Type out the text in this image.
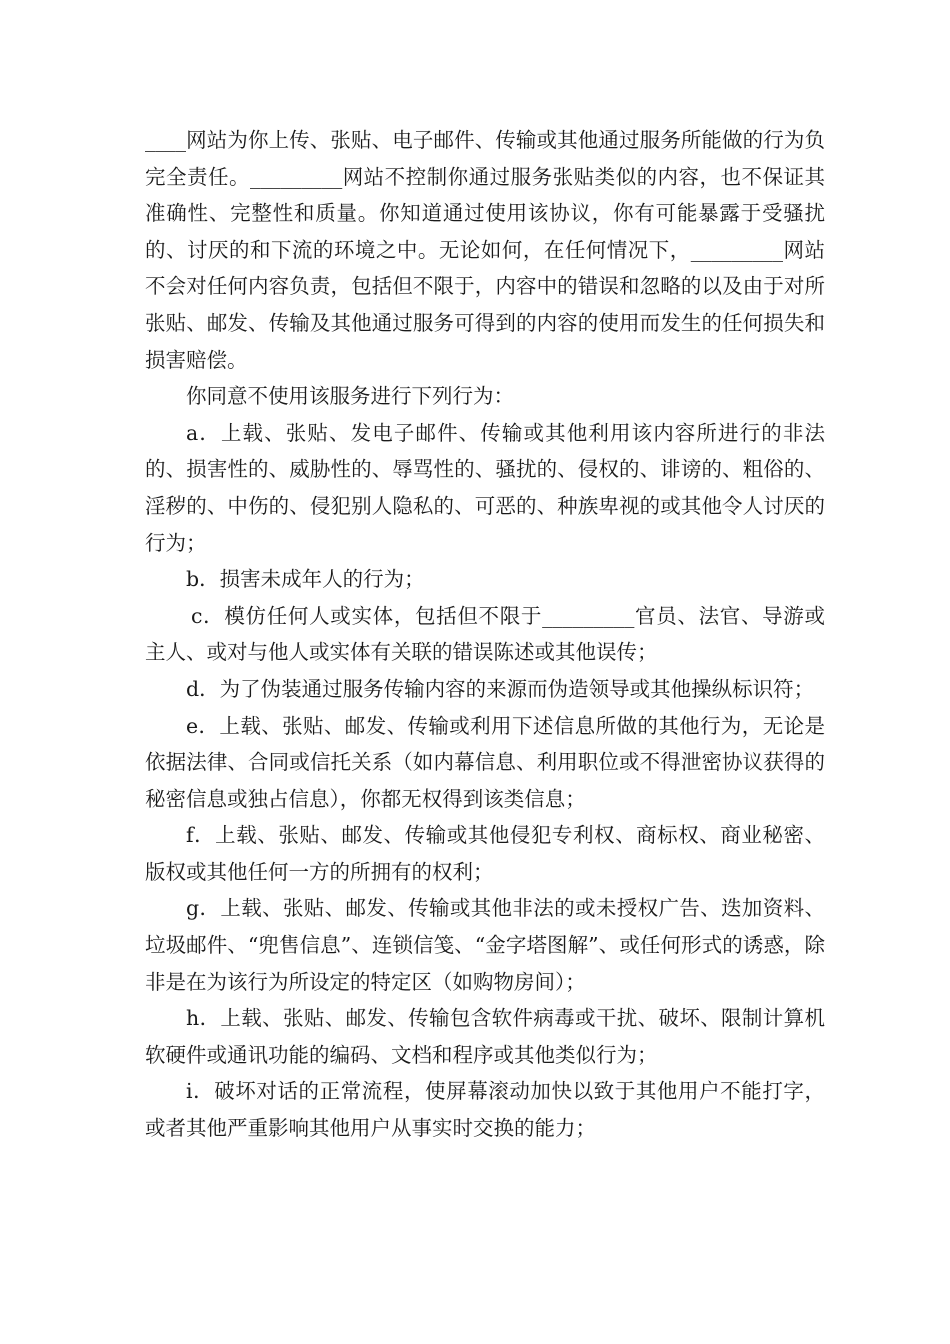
____网站为你上传、张贴、电子邮件、传输或其他通过服务所能做的行为负完全责任。_________网站不控制你通过服务张贴类似的内容，也不保证其准确性、完整性和质量。你知道通过使用该协议，你有可能暴露于受骚扰的、讨厌的和下流的环境之中。无论如何，在任何情况下，_________网站不会对任何内容负责，包括但不限于，内容中的错误和忽略的以及由于对所张贴、邮发、传输及其他通过服务可得到的内容的使用而发生的任何损失和损害赔偿。

你同意不使用该服务进行下列行为：

a．上载、张贴、发电子邮件、传输或其他利用该内容所进行的非法的、损害性的、威胁性的、辱骂性的、骚扰的、侵权的、诽谤的、粗俗的、淫秽的、中伤的、侵犯别人隐私的、可恶的、种族卑视的或其他令人讨厌的行为；

b．损害未成年人的行为；

c．模仿任何人或实体，包括但不限于_________官员、法官、导游或主人、或对与他人或实体有关联的错误陈述或其他误传；

d．为了伪装通过服务传输内容的来源而伪造领导或其他操纵标识符；

e．上载、张贴、邮发、传输或利用下述信息所做的其他行为，无论是依据法律、合同或信托关系（如内幕信息、利用职位或不得泄密协议获得的秘密信息或独占信息），你都无权得到该类信息；

f．上载、张贴、邮发、传输或其他侵犯专利权、商标权、商业秘密、版权或其他任何一方的所拥有的权利；

g．上载、张贴、邮发、传输或其他非法的或未授权广告、迭加资料、垃圾邮件、“兜售信息”、连锁信笺、“金字塔图解”、或任何形式的诱惑，除非是在为该行为所设定的特定区（如购物房间）；

h．上载、张贴、邮发、传输包含软件病毒或干扰、破坏、限制计算机软硬件或通讯功能的编码、文档和程序或其他类似行为；

i．破坏对话的正常流程，使屏幕滚动加快以致于其他用户不能打字，或者其他严重影响其他用户从事实时交换的能力；
